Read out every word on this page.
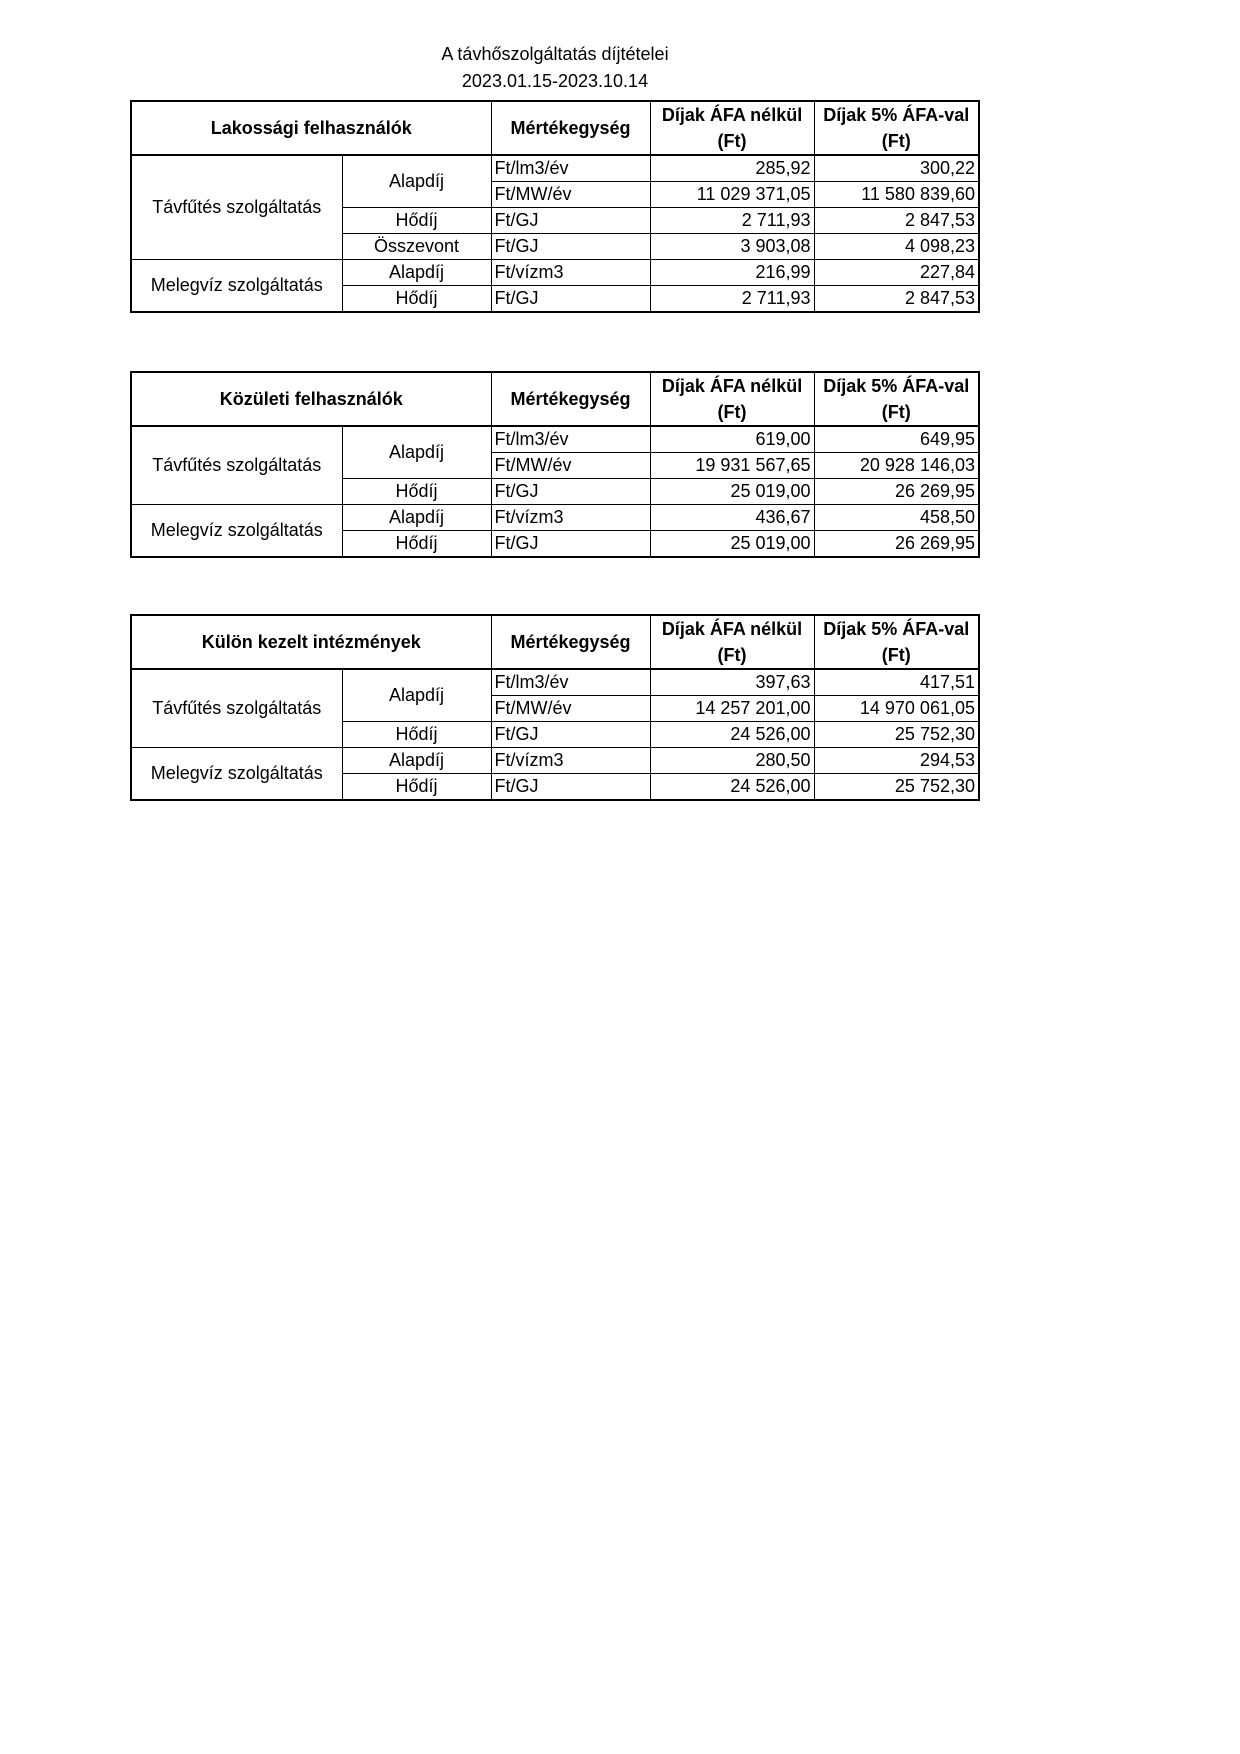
A távhőszolgáltatás díjtételei
2023.01.15-2023.10.14
Lakossági felhasználók		Mértékegység	Díjak ÁFA nélkül (Ft)	Díjak 5% ÁFA-val (Ft)
Távfűtés szolgáltatás	Alapdíj	Ft/lm3/év	285,92	300,22
		Ft/MW/év	11 029 371,05	11 580 839,60
	Hődíj	Ft/GJ	2 711,93	2 847,53
	Összevont	Ft/GJ	3 903,08	4 098,23
Melegvíz szolgáltatás	Alapdíj	Ft/vízm3	216,99	227,84
	Hődíj	Ft/GJ	2 711,93	2 847,53
Közületi felhasználók		Mértékegység	Díjak ÁFA nélkül (Ft)	Díjak 5% ÁFA-val (Ft)
Távfűtés szolgáltatás	Alapdíj	Ft/lm3/év	619,00	649,95
		Ft/MW/év	19 931 567,65	20 928 146,03
	Hődíj	Ft/GJ	25 019,00	26 269,95
Melegvíz szolgáltatás	Alapdíj	Ft/vízm3	436,67	458,50
	Hődíj	Ft/GJ	25 019,00	26 269,95
Külön kezelt intézmények		Mértékegység	Díjak ÁFA nélkül (Ft)	Díjak 5% ÁFA-val (Ft)
Távfűtés szolgáltatás	Alapdíj	Ft/lm3/év	397,63	417,51
		Ft/MW/év	14 257 201,00	14 970 061,05
	Hődíj	Ft/GJ	24 526,00	25 752,30
Melegvíz szolgáltatás	Alapdíj	Ft/vízm3	280,50	294,53
	Hődíj	Ft/GJ	24 526,00	25 752,30
